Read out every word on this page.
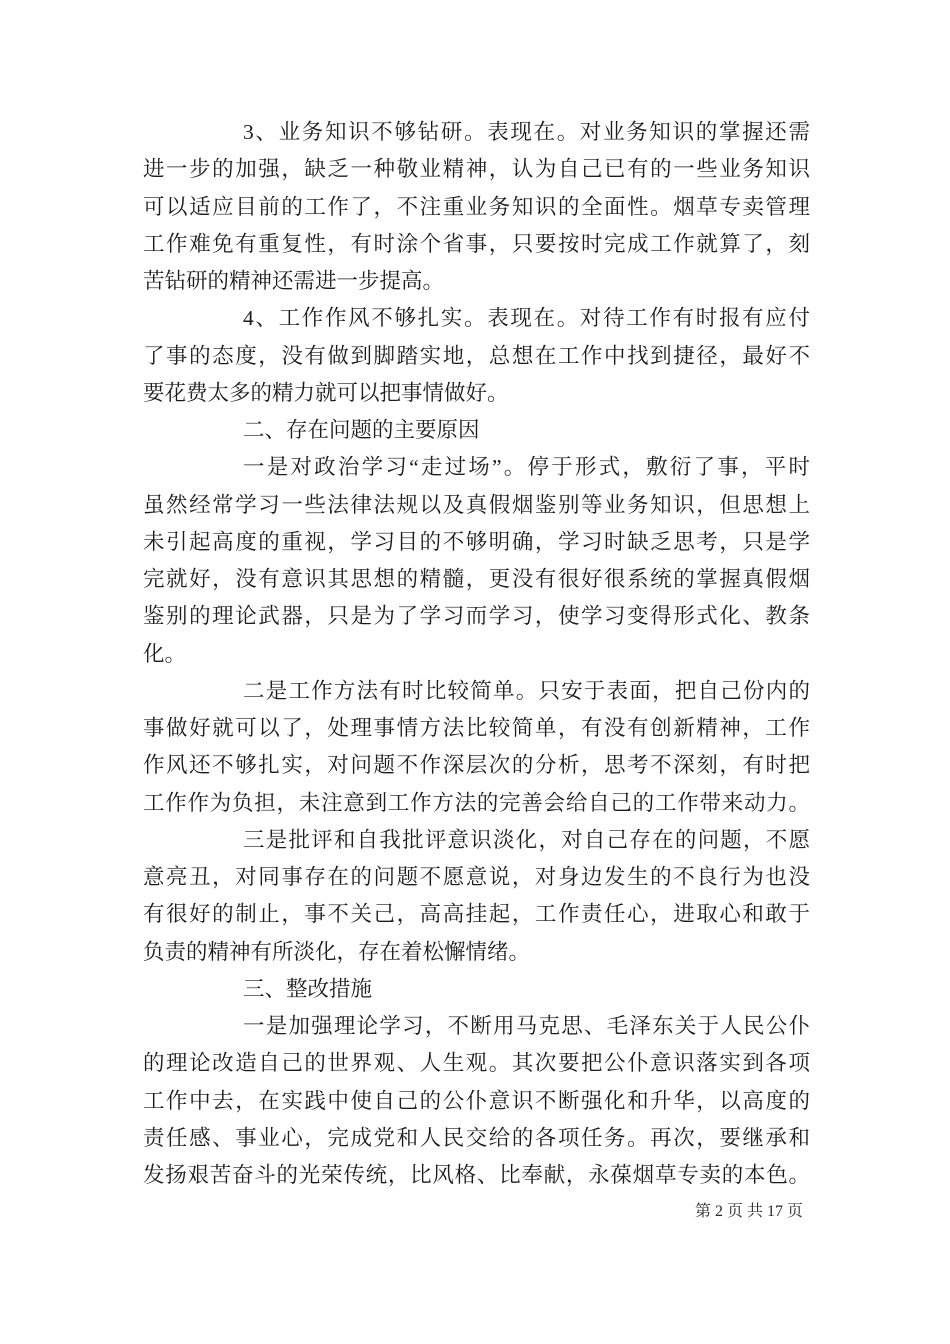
3、业务知识不够钻研。表现在。对业务知识的掌握还需
进一步的加强，缺乏一种敬业精神，认为自己已有的一些业务知识
可以适应目前的工作了，不注重业务知识的全面性。烟草专卖管理
工作难免有重复性，有时涂个省事，只要按时完成工作就算了，刻
苦钻研的精神还需进一步提高。
4、工作作风不够扎实。表现在。对待工作有时报有应付
了事的态度，没有做到脚踏实地，总想在工作中找到捷径，最好不
要花费太多的精力就可以把事情做好。
二、存在问题的主要原因
一是对政治学习“走过场”。停于形式，敷衍了事，平时
虽然经常学习一些法律法规以及真假烟鉴别等业务知识，但思想上
未引起高度的重视，学习目的不够明确，学习时缺乏思考，只是学
完就好，没有意识其思想的精髓，更没有很好很系统的掌握真假烟
鉴别的理论武器，只是为了学习而学习，使学习变得形式化、教条
化。
二是工作方法有时比较简单。只安于表面，把自己份内的
事做好就可以了，处理事情方法比较简单，有没有创新精神，工作
作风还不够扎实，对问题不作深层次的分析，思考不深刻，有时把
工作作为负担，未注意到工作方法的完善会给自己的工作带来动力。
三是批评和自我批评意识淡化，对自己存在的问题，不愿
意亮丑，对同事存在的问题不愿意说，对身边发生的不良行为也没
有很好的制止，事不关己，高高挂起，工作责任心，进取心和敢于
负责的精神有所淡化，存在着松懈情绪。
三、整改措施
一是加强理论学习，不断用马克思、毛泽东关于人民公仆
的理论改造自己的世界观、人生观。其次要把公仆意识落实到各项
工作中去，在实践中使自己的公仆意识不断强化和升华，以高度的
责任感、事业心，完成党和人民交给的各项任务。再次，要继承和
发扬艰苦奋斗的光荣传统，比风格、比奉献，永葆烟草专卖的本色。
第 2 页 共 17 页
